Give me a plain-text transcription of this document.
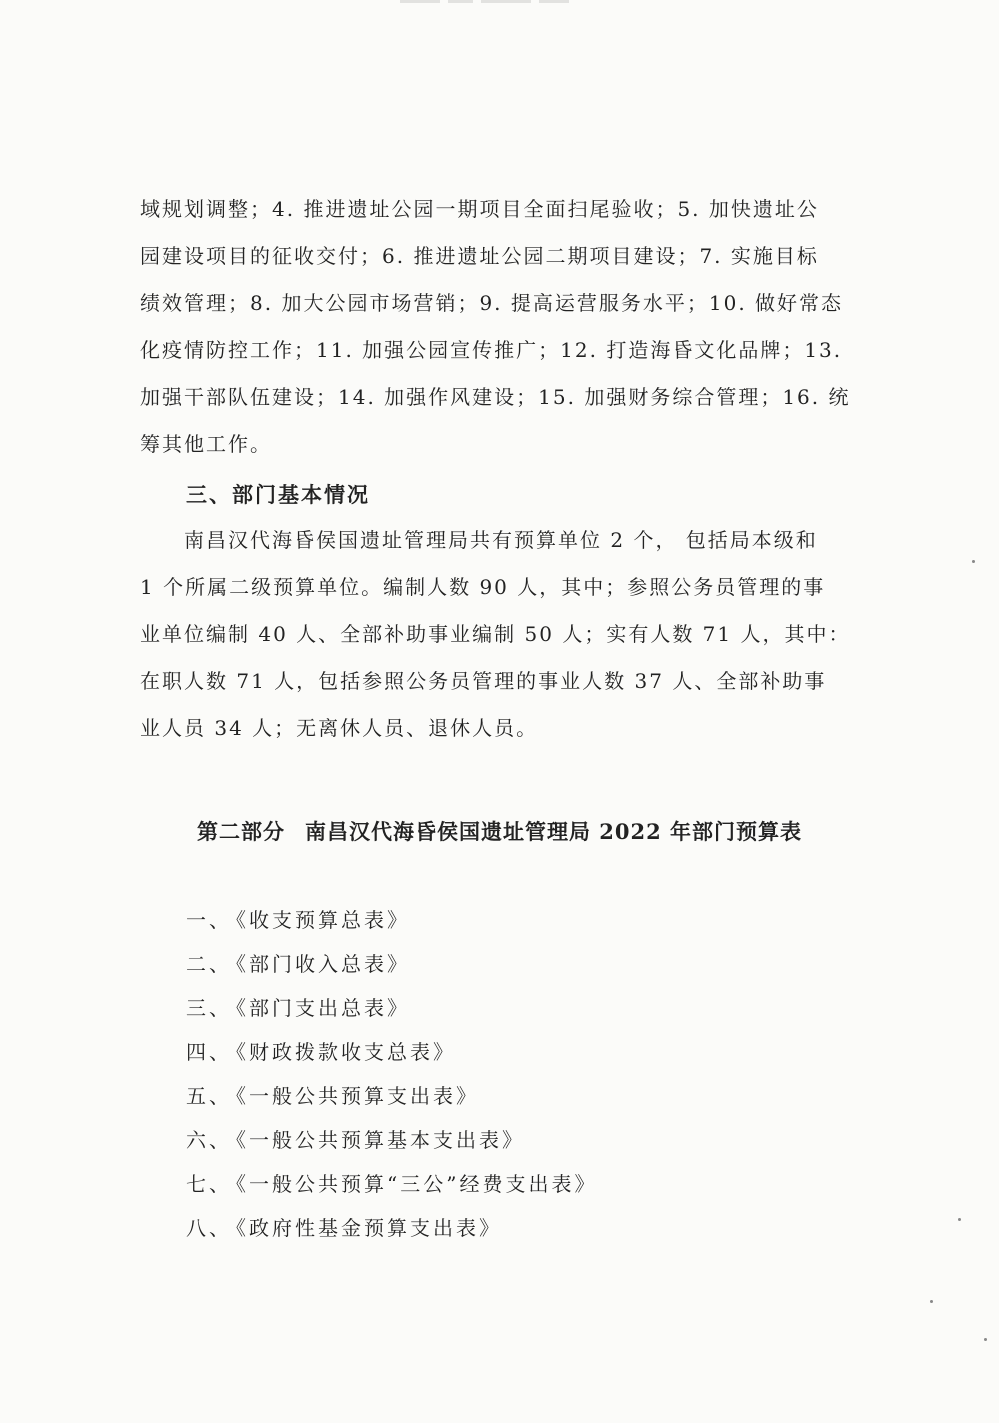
域规划调整；4. 推进遗址公园一期项目全面扫尾验收；5. 加快遗址公
园建设项目的征收交付；6. 推进遗址公园二期项目建设；7. 实施目标
绩效管理；8. 加大公园市场营销；9. 提高运营服务水平；10. 做好常态
化疫情防控工作；11. 加强公园宣传推广；12. 打造海昏文化品牌；13.
加强干部队伍建设；14. 加强作风建设；15. 加强财务综合管理；16. 统
筹其他工作。

三、部门基本情况

南昌汉代海昏侯国遗址管理局共有预算单位 2 个， 包括局本级和
1 个所属二级预算单位。编制人数 90 人，其中；参照公务员管理的事
业单位编制 40 人、全部补助事业编制 50 人；实有人数 71 人，其中：
在职人数 71 人，包括参照公务员管理的事业人数 37 人、全部补助事
业人员 34 人；无离休人员、退休人员。

第二部分 南昌汉代海昏侯国遗址管理局 2022 年部门预算表
一、《收支预算总表》
二、《部门收入总表》
三、《部门支出总表》
四、《财政拨款收支总表》
五、《一般公共预算支出表》
六、《一般公共预算基本支出表》
七、《一般公共预算“三公”经费支出表》
八、《政府性基金预算支出表》
